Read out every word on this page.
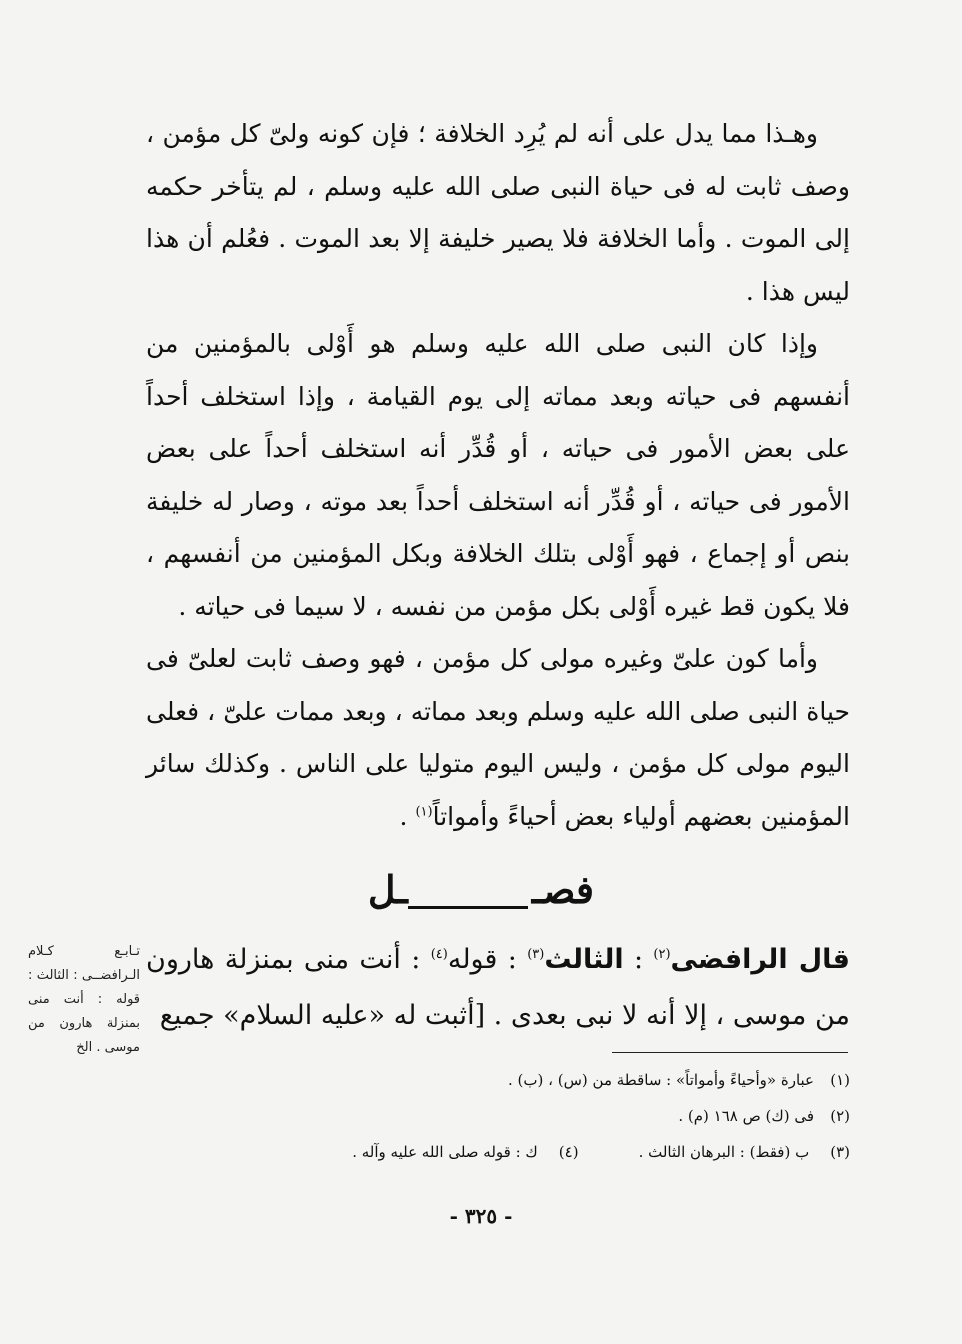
وهـذا مما يدل على أنه لم يُرِد الخلافة ؛ فإن كونه ولىّ كل مؤمن ، وصف ثابت له فى حياة النبى صلى الله عليه وسلم ، لم يتأخر حكمه إلى الموت . وأما الخلافة فلا يصير خليفة إلا بعد الموت . فعُلم أن هذا ليس هذا .

وإذا كان النبى صلى الله عليه وسلم هو أَوْلى بالمؤمنين من أنفسهم فى حياته وبعد مماته إلى يوم القيامة ، وإذا استخلف أحداً على بعض الأمور فى حياته ، أو قُدِّر أنه استخلف أحداً على بعض الأمور فى حياته ، أو قُدِّر أنه استخلف أحداً بعد موته ، وصار له خليفة بنص أو إجماع ، فهو أَوْلى بتلك الخلافة وبكل المؤمنين من أنفسهم ، فلا يكون قط غيره أَوْلى بكل مؤمن من نفسه ، لا سيما فى حياته .

وأما كون علىّ وغيره مولى كل مؤمن ، فهو وصف ثابت لعلىّ فى حياة النبى صلى الله عليه وسلم وبعد مماته ، وبعد ممات علىّ ، فعلى اليوم مولى كل مؤمن ، وليس اليوم متوليا على الناس . وكذلك سائر المؤمنين بعضهم أولياء بعض أحياءً وأمواتاً$^{(١)}$ .

فصــل

قال الرافضى$^{(٢)}$ : الثالث$^{(٣)}$ : قوله$^{(٤)}$ : أنت منى بمنزلة هارون من موسى ، إلا أنه لا نبى بعدى . [أثبت له «عليه السلام» جميع

تـابـع كـلام الـرافضــى : الثالث : قوله : أنت منى بمنزلة هارون من موسى . الخ
(١)
عبارة «وأحياءً وأمواتاً» : ساقطة من (س) ، (ب) .
(٢)
فى (ك) ص ١٦٨ (م) .
(٣) ب (فقط) : البرهان الثالث .
(٤) ك : قوله صلى الله عليه وآله .
- ٣٢٥ -
